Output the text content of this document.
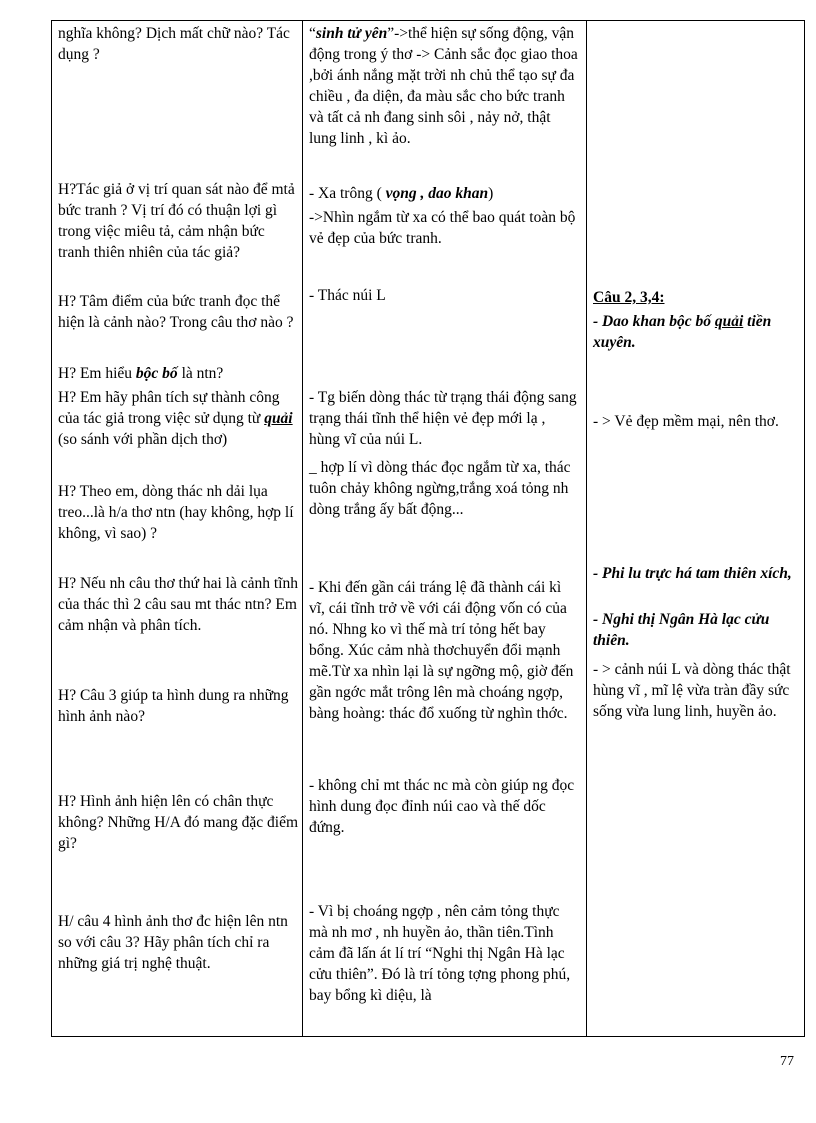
nghĩa không? Dịch mất chữ nào? Tác dụng ?

H?Tác giả ở vị trí quan sát nào để mtả bức tranh ? Vị trí đó có thuận lợi gì trong việc miêu tả, cảm nhận bức tranh thiên nhiên của tác giả?

H? Tâm điểm của bức tranh đọc thể hiện là cảnh nào? Trong câu thơ nào ?

H? Em hiểu bộc bố là ntn?

H? Em hãy phân tích sự thành công của tác giả trong việc sử dụng từ quải (so sánh với phần dịch thơ)

H? Theo em, dòng thác nh dải lụa treo...là h/a thơ ntn (hay không, hợp lí không, vì sao) ?

H? Nếu nh câu thơ thứ hai là cảnh tĩnh của thác thì 2 câu sau mt thác ntn? Em cảm nhận và phân tích.

H? Câu 3 giúp ta hình dung ra những hình ảnh nào?

H? Hình ảnh hiện lên có chân thực không? Những H/A đó mang đặc điểm gì?

H/ câu 4 hình ảnh thơ đc hiện lên ntn so với câu 3? Hãy phân tích chỉ ra những giá trị nghệ thuật.

“sinh tử yên”->thể hiện sự sống động, vận động trong ý thơ -> Cảnh sắc đọc giao thoa ,bởi ánh nắng mặt trời nh chủ thể tạo sự đa chiều , đa diện, đa màu sắc cho bức tranh và tất cả nh đang sinh sôi , nảy nở, thật lung linh , kì ảo.

- Xa trông ( vọng , dao khan)

->Nhìn ngắm từ xa có thể bao quát toàn bộ vẻ đẹp của bức tranh.

- Thác núi L

- Tg biến dòng thác từ trạng thái động sang trạng thái tĩnh thể hiện vẻ đẹp mới lạ , hùng vĩ của núi L.

_ hợp lí vì dòng thác đọc ngắm từ xa, thác tuôn chảy không ngừng,trắng xoá tỏng nh dòng trắng ấy bất động...

- Khi đến gần cái tráng lệ đã thành cái kì vĩ, cái tĩnh trở về với cái động vốn có của nó. Nhng ko vì thế mà trí tỏng hết bay bổng. Xúc cảm nhà thơchuyển đổi mạnh mẽ.Từ xa nhìn lại là sự ngỡng mộ, giờ đến gần ngớc mắt trông lên mà choáng ngợp, bàng hoàng: thác đổ xuống từ nghìn thớc.

- không chỉ mt thác nc mà còn giúp ng đọc hình dung đọc đỉnh núi cao và thế dốc đứng.

- Vì bị choáng ngợp , nên cảm tỏng thực mà nh mơ , nh huyền ảo, thần tiên.Tình cảm đã lấn át lí trí “Nghi thị Ngân Hà lạc cửu thiên”. Đó là trí tỏng tợng phong phú, bay bổng kì diệu, là

Câu 2, 3,4:

- Dao khan bộc bố quải tiền xuyên.

- > Vẻ đẹp mềm mại, nên thơ.

- Phi lu trực há tam thiên xích,

- Nghi thị Ngân Hà lạc cửu thiên.

- > cảnh núi L và dòng thác thật hùng vĩ , mĩ lệ vừa tràn đầy sức sống vừa lung linh, huyền ảo.

77
